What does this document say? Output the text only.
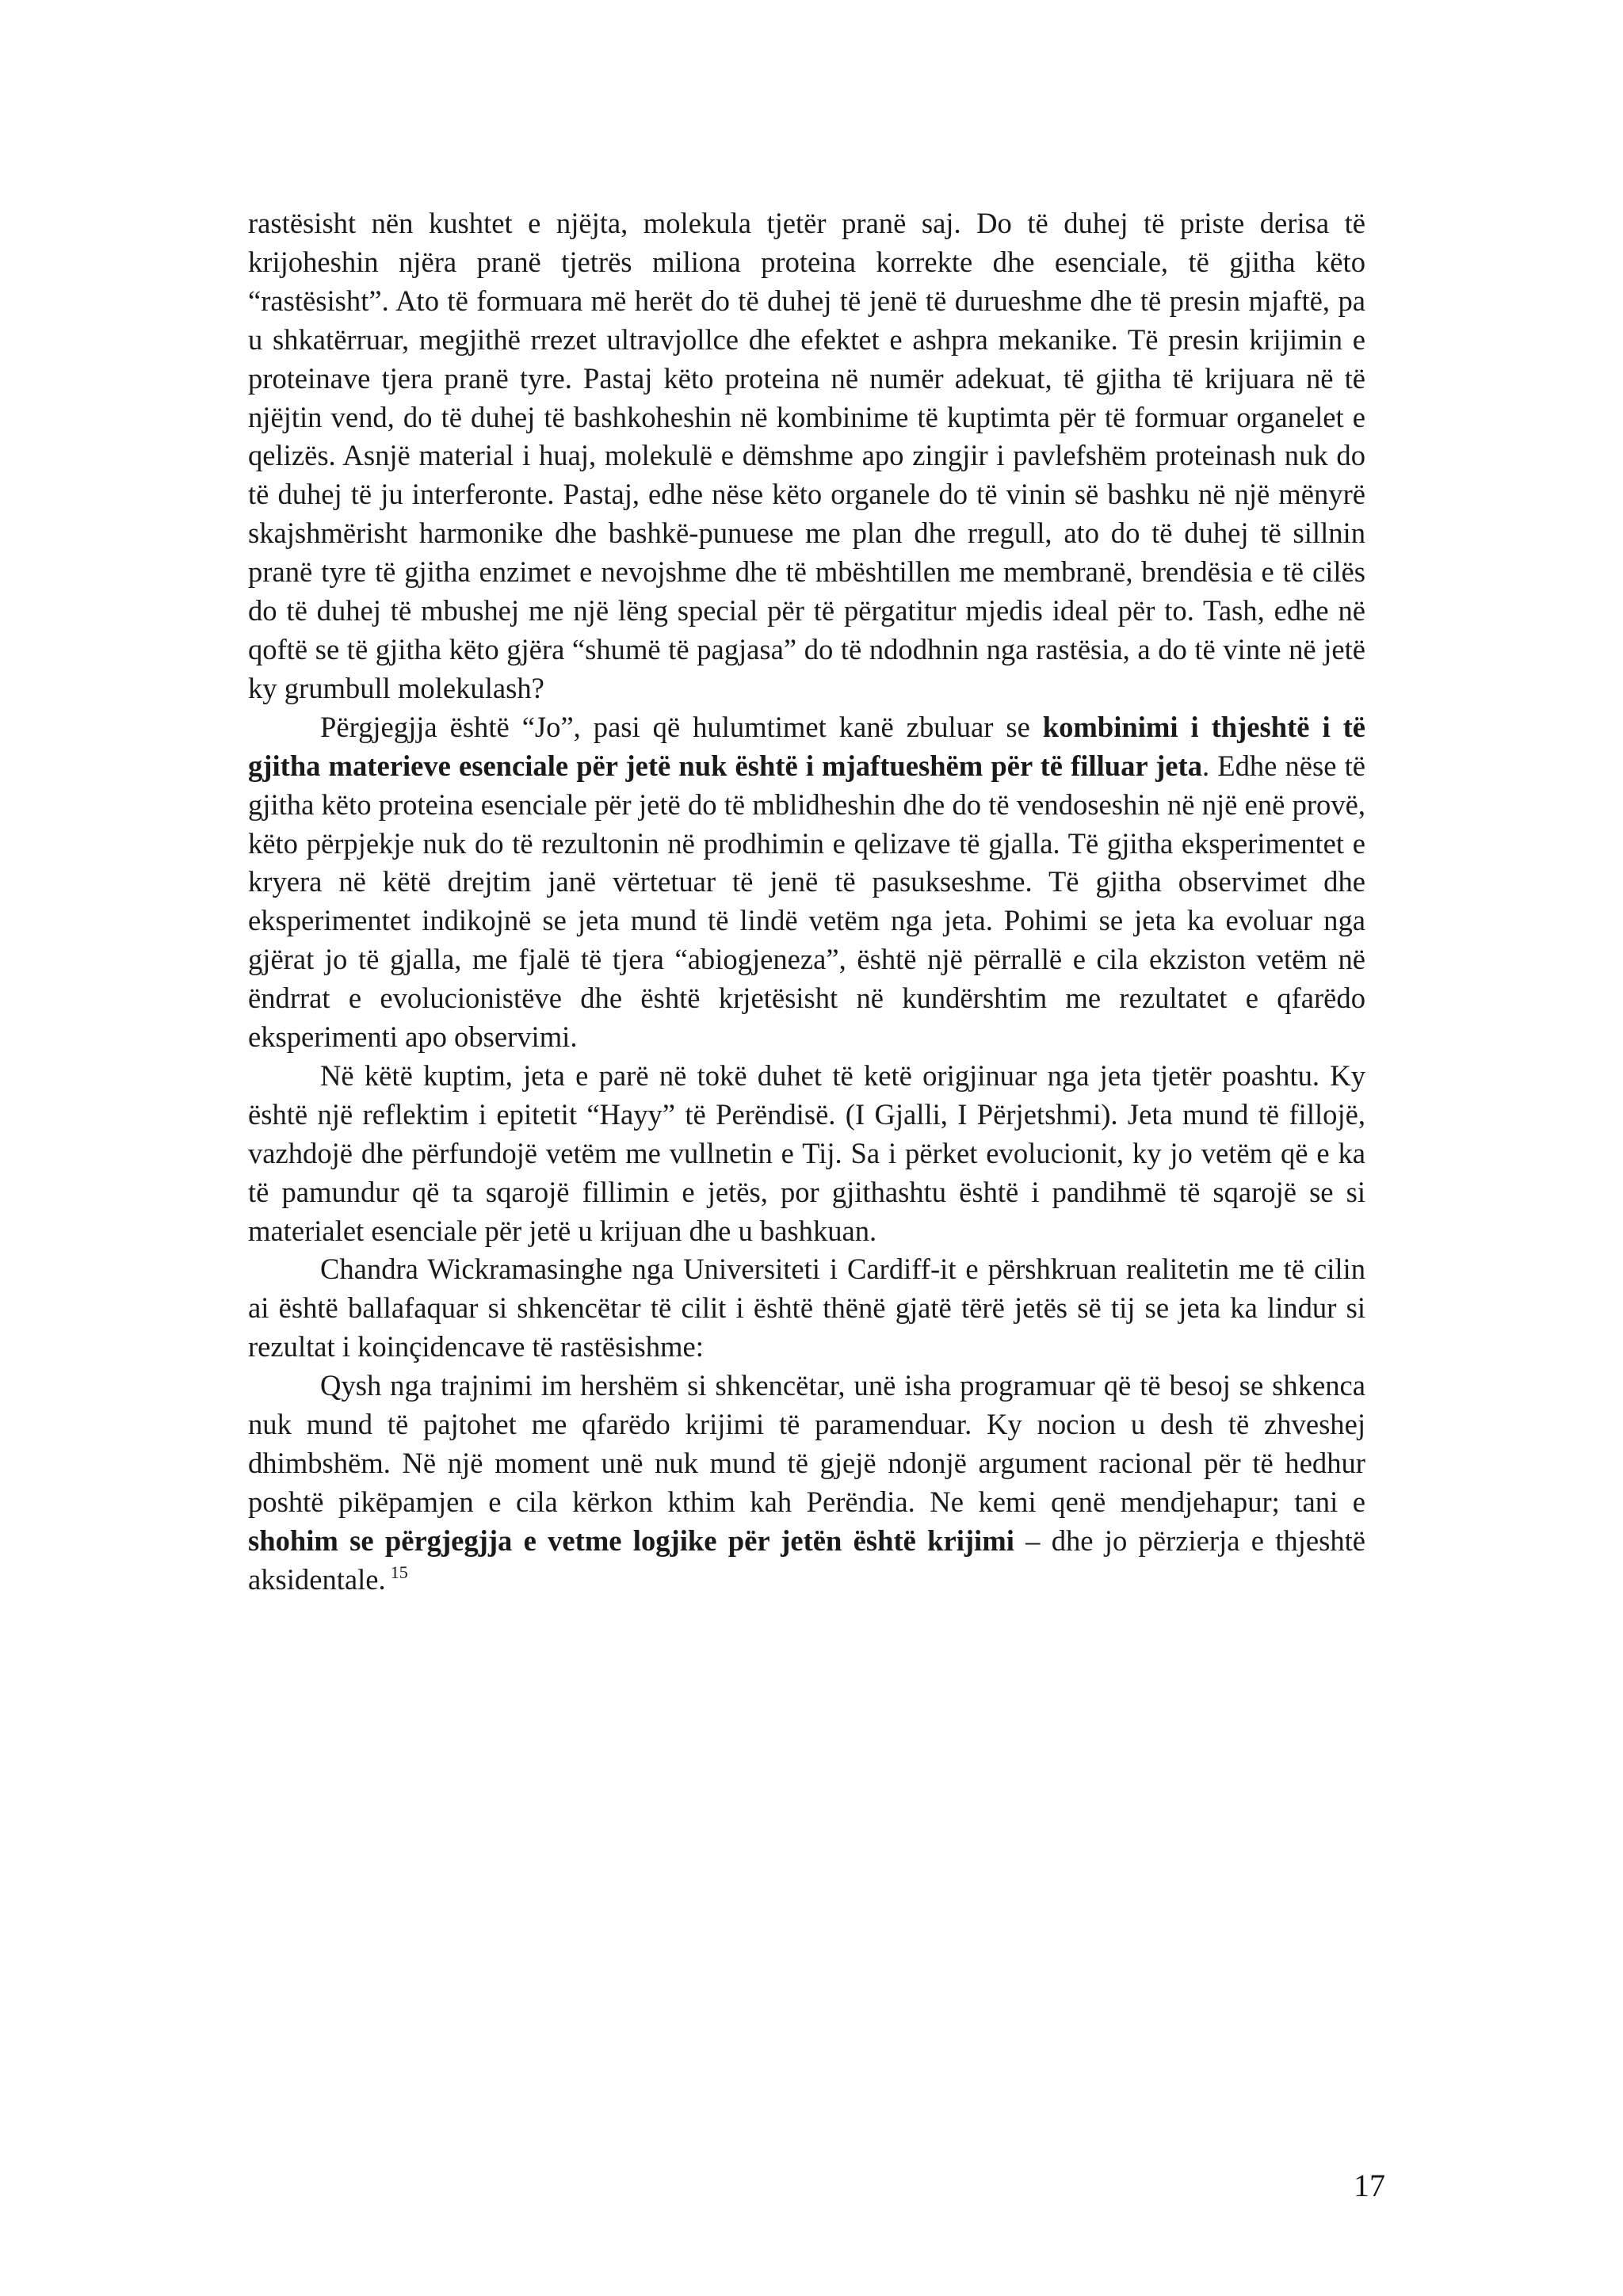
rastësisht nën kushtet e njëjta, molekula tjetër pranë saj. Do të duhej të priste derisa të krijoheshin njëra pranë tjetrës miliona proteina korrekte dhe esenciale, të gjitha këto “rastësisht”. Ato të formuara më herët do të duhej të jenë të durueshme dhe të presin mjaftë, pa u shkatërruar, megjithë rrezet ultravjollce dhe efektet e ashpra mekanike. Të presin krijimin e proteinave tjera pranë tyre. Pastaj këto proteina në numër adekuat, të gjitha të krijuara në të njëjtin vend, do të duhej të bashkoheshin në kombinime të kuptimta për të formuar organelet e qelizës. Asnjë material i huaj, molekulë e dëmshme apo zingjir i pavlefshëm proteinash nuk do të duhej të ju interferonte. Pastaj, edhe nëse këto organele do të vinin së bashku në një mënyrë skajshmërisht harmonike dhe bashkë-punuese me plan dhe rregull, ato do të duhej të sillnin pranë tyre të gjitha enzimet e nevojshme dhe të mbështillen me membranë, brendësia e të cilës do të duhej të mbushej me një lëng special për të përgatitur mjedis ideal për to. Tash, edhe në qoftë se të gjitha këto gjëra “shumë të pagjasa” do të ndodhnin nga rastësia, a do të vinte në jetë ky grumbull molekulash?

Përgjegjja është “Jo”, pasi që hulumtimet kanë zbuluar se kombinimi i thjeshtë i të gjitha materieve esenciale për jetë nuk është i mjaftueshëm për të filluar jeta. Edhe nëse të gjitha këto proteina esenciale për jetë do të mblidheshin dhe do të vendoseshin në një enë provë, këto përpjekje nuk do të rezultonin në prodhimin e qelizave të gjalla. Të gjitha eksperimentet e kryera në këtë drejtim janë vërtetuar të jenë të pasukseshme. Të gjitha observimet dhe eksperimentet indikojnë se jeta mund të lindë vetëm nga jeta. Pohimi se jeta ka evoluar nga gjërat jo të gjalla, me fjalë të tjera “abiogjeneza”, është një përrallë e cila ekziston vetëm në ëndrrat e evolucionistëve dhe është krjetësisht në kundërshtim me rezultatet e qfarëdo eksperimenti apo observimi.

Në këtë kuptim, jeta e parë në tokë duhet të ketë origjinuar nga jeta tjetër poashtu. Ky është një reflektim i epitetit “Hayy” të Perëndisë. (I Gjalli, I Përjetshmi). Jeta mund të fillojë, vazhdojë dhe përfundojë vetëm me vullnetin e Tij. Sa i përket evolucionit, ky jo vetëm që e ka të pamundur që ta sqarojë fillimin e jetës, por gjithashtu është i pandihmë të sqarojë se si materialet esenciale për jetë u krijuan dhe u bashkuan.

Chandra Wickramasinghe nga Universiteti i Cardiff-it e përshkruan realitetin me të cilin ai është ballafaquar si shkencëtar të cilit i është thënë gjatë tërë jetës së tij se jeta ka lindur si rezultat i koinçidencave të rastësishme:

Qysh nga trajnimi im hershëm si shkencëtar, unë isha programuar që të besoj se shkenca nuk mund të pajtohet me qfarëdo krijimi të paramenduar. Ky nocion u desh të zhveshej dhimbshëm. Në një moment unë nuk mund të gjejë ndonjë argument racional për të hedhur poshtë pikëpamjen e cila kërkon kthim kah Perëndia. Ne kemi qenë mendjehapur; tani e shohim se përgjegjja e vetme logjike për jetën është krijimi – dhe jo përzierja e thjeshtë aksidentale. $^{15}$

17
